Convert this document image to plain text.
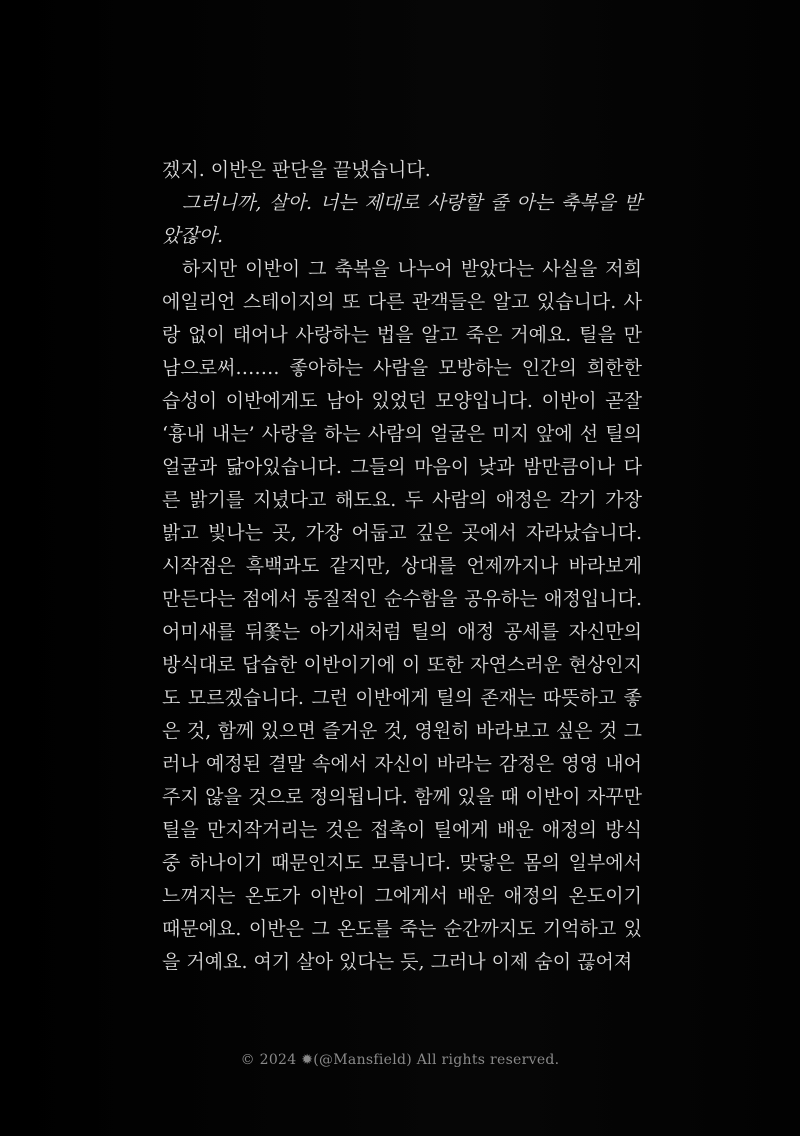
겠지. 이반은 판단을 끝냈습니다.

그러니까, 살아. 너는 제대로 사랑할 줄 아는 축복을 받았잖아.

하지만 이반이 그 축복을 나누어 받았다는 사실을 저희 에일리언 스테이지의 또 다른 관객들은 알고 있습니다. 사랑 없이 태어나 사랑하는 법을 알고 죽은 거예요. 틸을 만남으로써……. 좋아하는 사람을 모방하는 인간의 희한한 습성이 이반에게도 남아 있었던 모양입니다. 이반이 곧잘 ‘흉내 내는’ 사랑을 하는 사람의 얼굴은 미지 앞에 선 틸의 얼굴과 닮아있습니다. 그들의 마음이 낮과 밤만큼이나 다른 밝기를 지녔다고 해도요. 두 사람의 애정은 각기 가장 밝고 빛나는 곳, 가장 어둡고 깊은 곳에서 자라났습니다. 시작점은 흑백과도 같지만, 상대를 언제까지나 바라보게 만든다는 점에서 동질적인 순수함을 공유하는 애정입니다. 어미새를 뒤쫓는 아기새처럼 틸의 애정 공세를 자신만의 방식대로 답습한 이반이기에 이 또한 자연스러운 현상인지도 모르겠습니다. 그런 이반에게 틸의 존재는 따뜻하고 좋은 것, 함께 있으면 즐거운 것, 영원히 바라보고 싶은 것 그러나 예정된 결말 속에서 자신이 바라는 감정은 영영 내어주지 않을 것으로 정의됩니다. 함께 있을 때 이반이 자꾸만 틸을 만지작거리는 것은 접촉이 틸에게 배운 애정의 방식 중 하나이기 때문인지도 모릅니다. 맞닿은 몸의 일부에서 느껴지는 온도가 이반이 그에게서 배운 애정의 온도이기 때문에요. 이반은 그 온도를 죽는 순간까지도 기억하고 있을 거예요. 여기 살아 있다는 듯, 그러나 이제 숨이 끊어져

© 2024 ✹(@Mansfield) All rights reserved.
